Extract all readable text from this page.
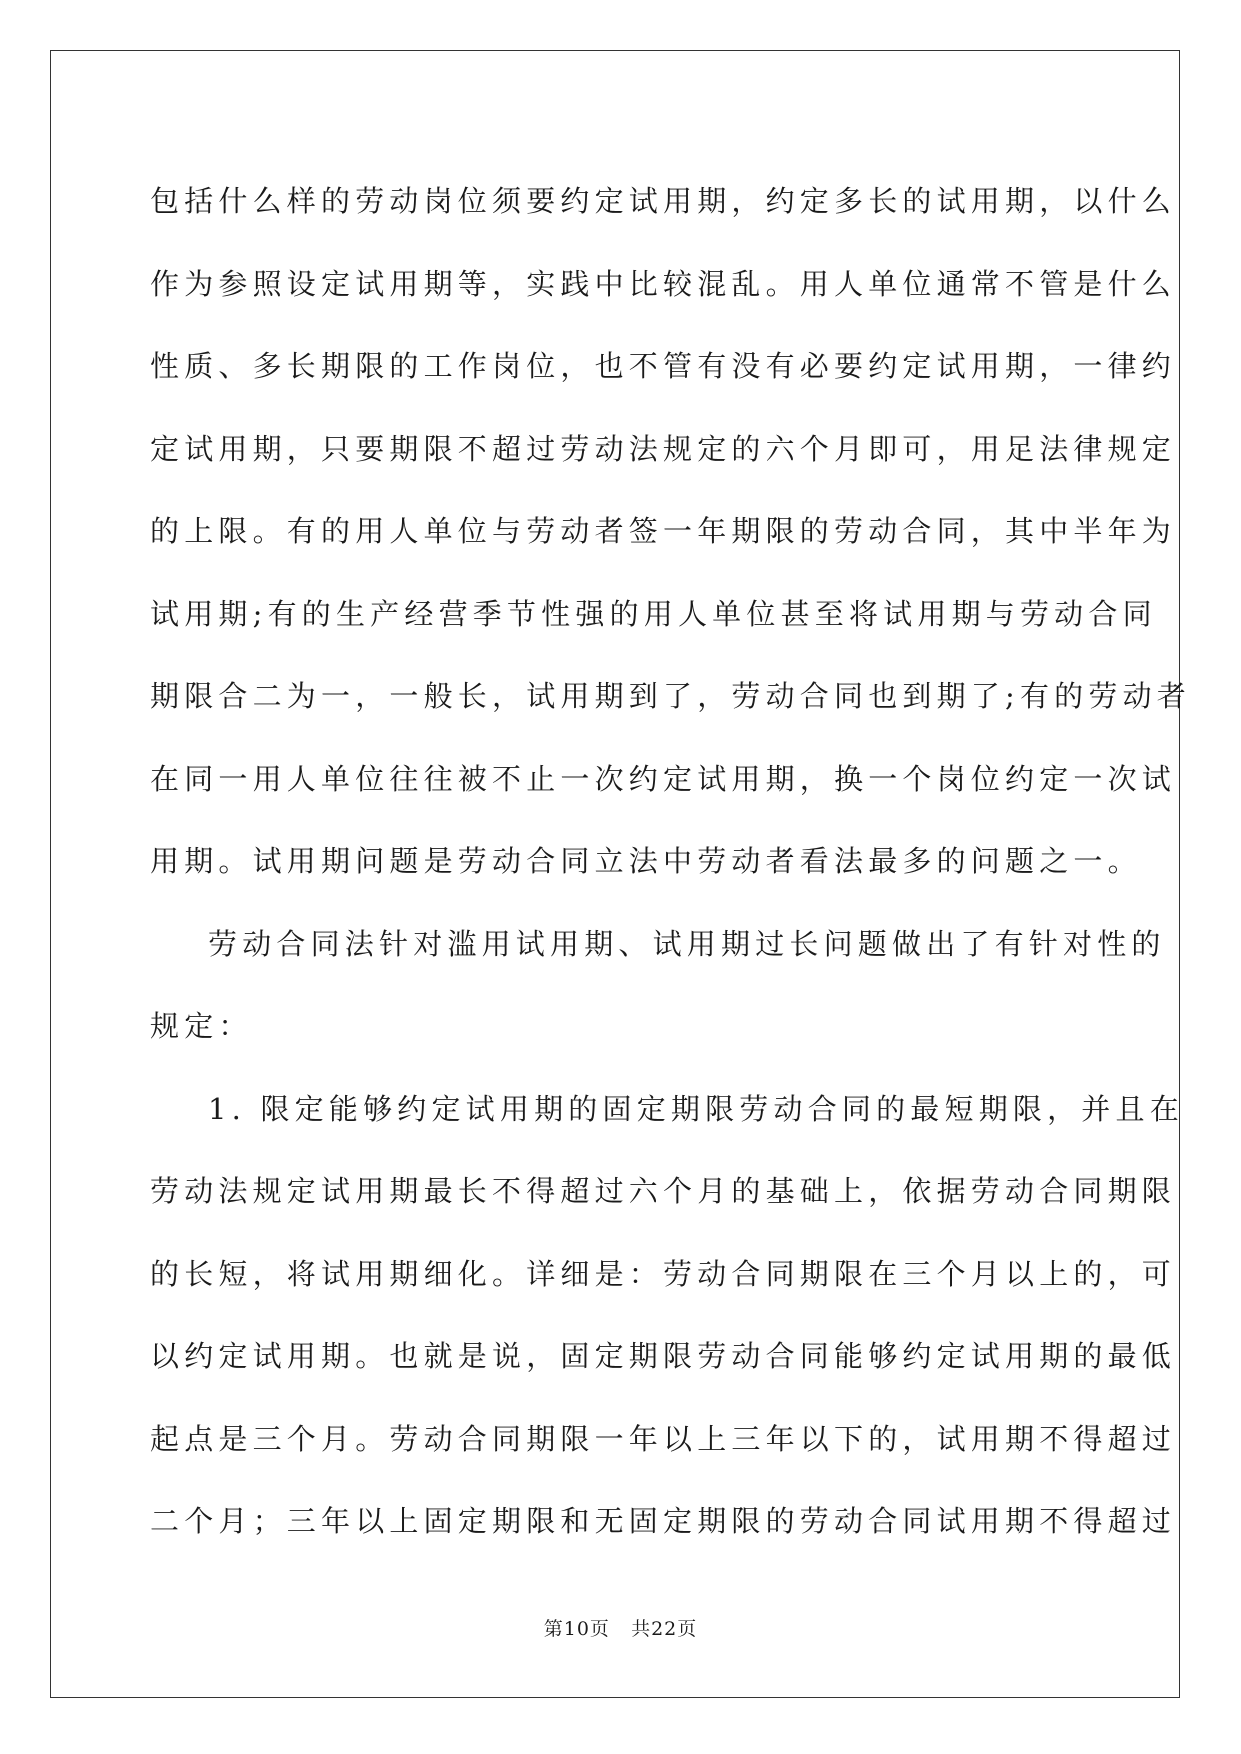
包括什么样的劳动岗位须要约定试用期，约定多长的试用期，以什么
作为参照设定试用期等，实践中比较混乱。用人单位通常不管是什么
性质、多长期限的工作岗位，也不管有没有必要约定试用期，一律约
定试用期，只要期限不超过劳动法规定的六个月即可，用足法律规定
的上限。有的用人单位与劳动者签一年期限的劳动合同，其中半年为
试用期;有的生产经营季节性强的用人单位甚至将试用期与劳动合同
期限合二为一，一般长，试用期到了，劳动合同也到期了;有的劳动者
在同一用人单位往往被不止一次约定试用期，换一个岗位约定一次试
用期。试用期问题是劳动合同立法中劳动者看法最多的问题之一。

劳动合同法针对滥用试用期、试用期过长问题做出了有针对性的
规定：

1. 限定能够约定试用期的固定期限劳动合同的最短期限，并且在
劳动法规定试用期最长不得超过六个月的基础上，依据劳动合同期限
的长短，将试用期细化。详细是：劳动合同期限在三个月以上的，可
以约定试用期。也就是说，固定期限劳动合同能够约定试用期的最低
起点是三个月。劳动合同期限一年以上三年以下的，试用期不得超过
二个月；三年以上固定期限和无固定期限的劳动合同试用期不得超过

第10页 共22页
